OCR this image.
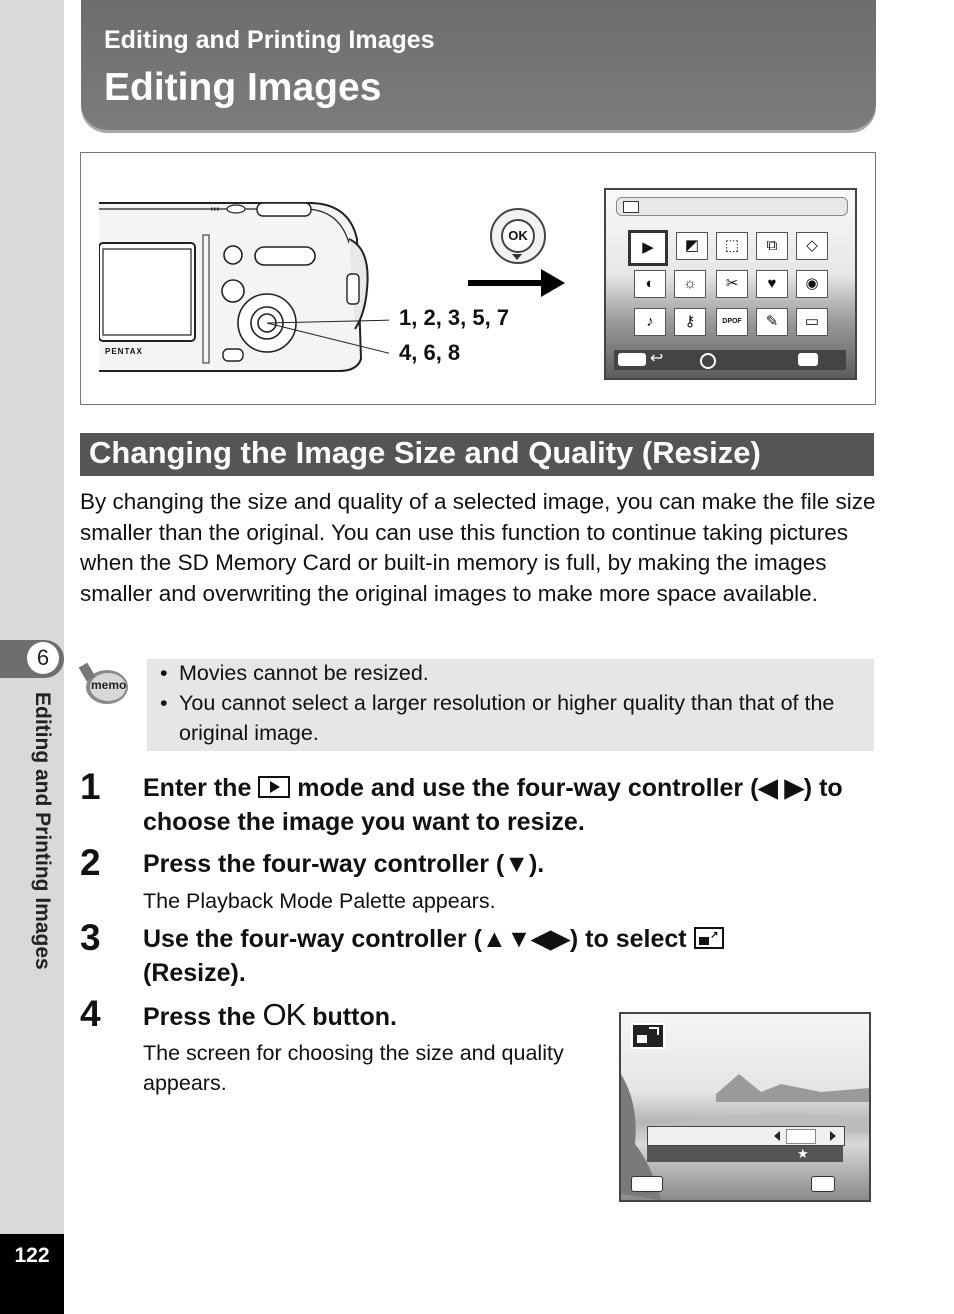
6
Editing and Printing Images
122
Editing and Printing Images
Editing Images
PENTAX
OK
1, 2, 3, 5, 7
4, 6, 8
▶	◩	⬚	⧉	◇
◐	☼	✂	♥	◉
♪	⚷	DPOF	✎	▭
↩
Changing the Image Size and Quality (Resize)

By changing the size and quality of a selected image, you can make the file size smaller than the original. You can use this function to continue taking pictures when the SD Memory Card or built-in memory is full, by making the images smaller and overwriting the original images to make more space available.

memo • Movies cannot be resized.
• You cannot select a larger resolution or higher quality than that of the original image.
1 Enter the
mode and use the four-way controller (◀ ▶) to choose the image you want to resize.

2 Press the four-way controller (▼).

The Playback Mode Palette appears.

3 Use the four-way controller (▲▼◀▶) to select ↗

(Resize).

4 Press the OK button.

The screen for choosing the size and quality

appears.

★
